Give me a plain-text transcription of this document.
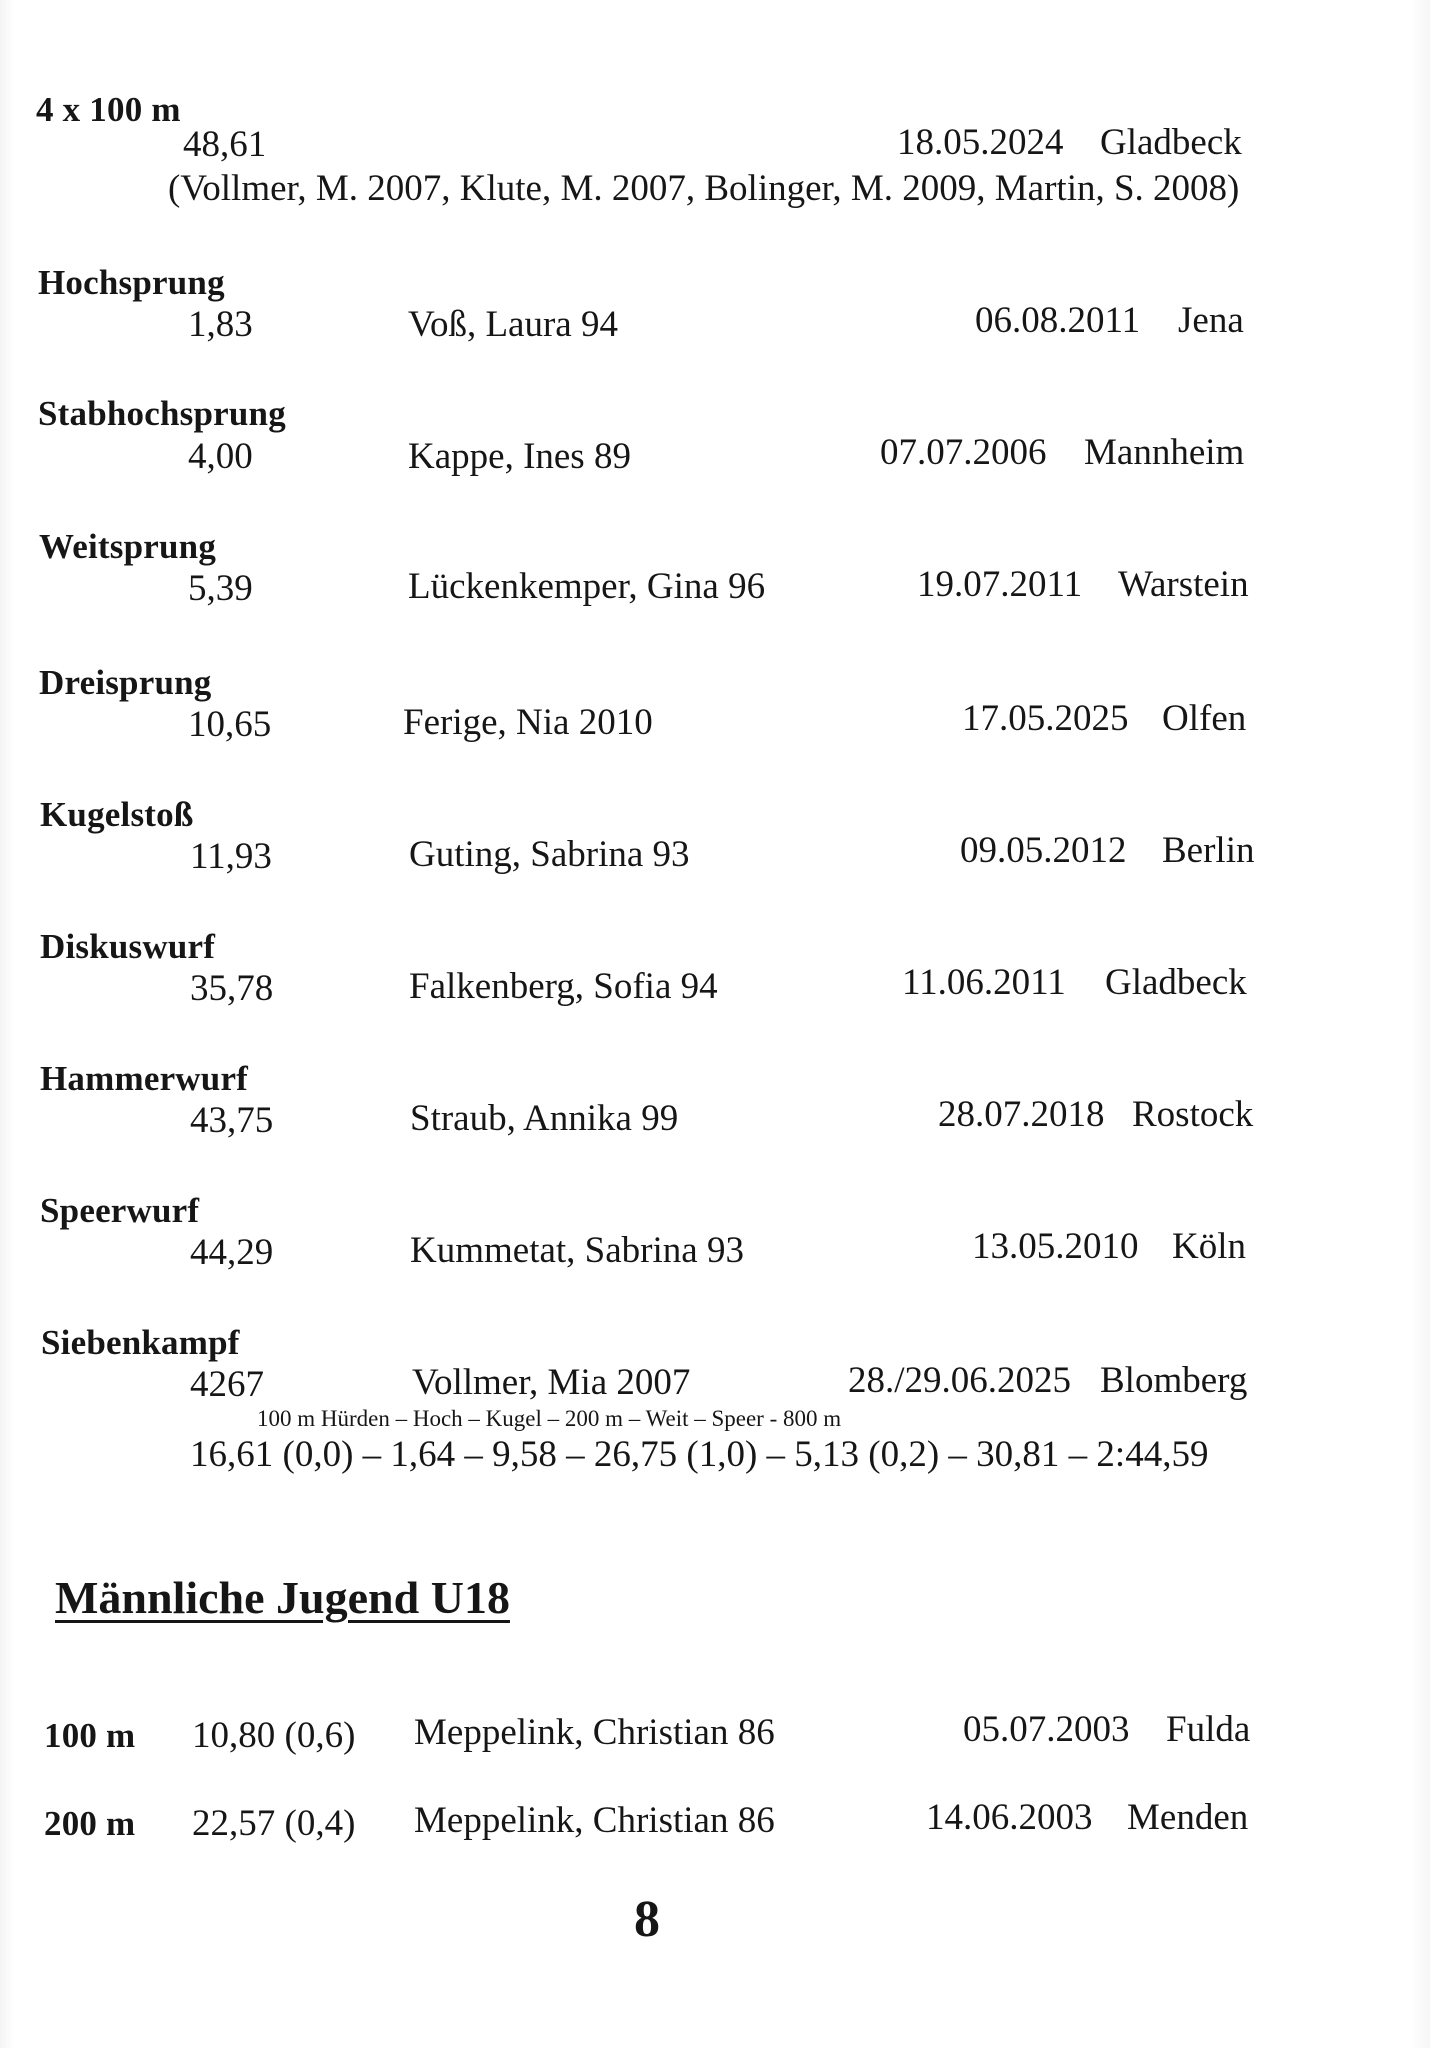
4 x 100 m
48,61	18.05.2024 Gladbeck
(Vollmer, M. 2007, Klute, M. 2007, Bolinger, M. 2009, Martin, S. 2008)
Hochsprung
1,83	Voß, Laura 94	06.08.2011 Jena
Stabhochsprung
4,00	Kappe, Ines 89	07.07.2006 Mannheim
Weitsprung
5,39	Lückenkemper, Gina 96	19.07.2011 Warstein
Dreisprung
10,65	Ferige, Nia 2010	17.05.2025 Olfen
Kugelstoß
11,93	Guting, Sabrina 93	09.05.2012 Berlin
Diskuswurf
35,78	Falkenberg, Sofia 94	11.06.2011 Gladbeck
Hammerwurf
43,75	Straub, Annika 99	28.07.2018 Rostock
Speerwurf
44,29	Kummetat, Sabrina 93	13.05.2010 Köln
Siebenkampf
4267	Vollmer, Mia 2007	28./29.06.2025 Blomberg
100 m Hürden – Hoch – Kugel – 200 m – Weit – Speer - 800 m
16,61 (0,0) – 1,64 – 9,58 – 26,75 (1,0) – 5,13 (0,2) – 30,81 – 2:44,59
Männliche Jugend U18
100 m 10,80 (0,6) Meppelink, Christian 86	05.07.2003 Fulda
200 m 22,57 (0,4) Meppelink, Christian 86	14.06.2003 Menden
8
